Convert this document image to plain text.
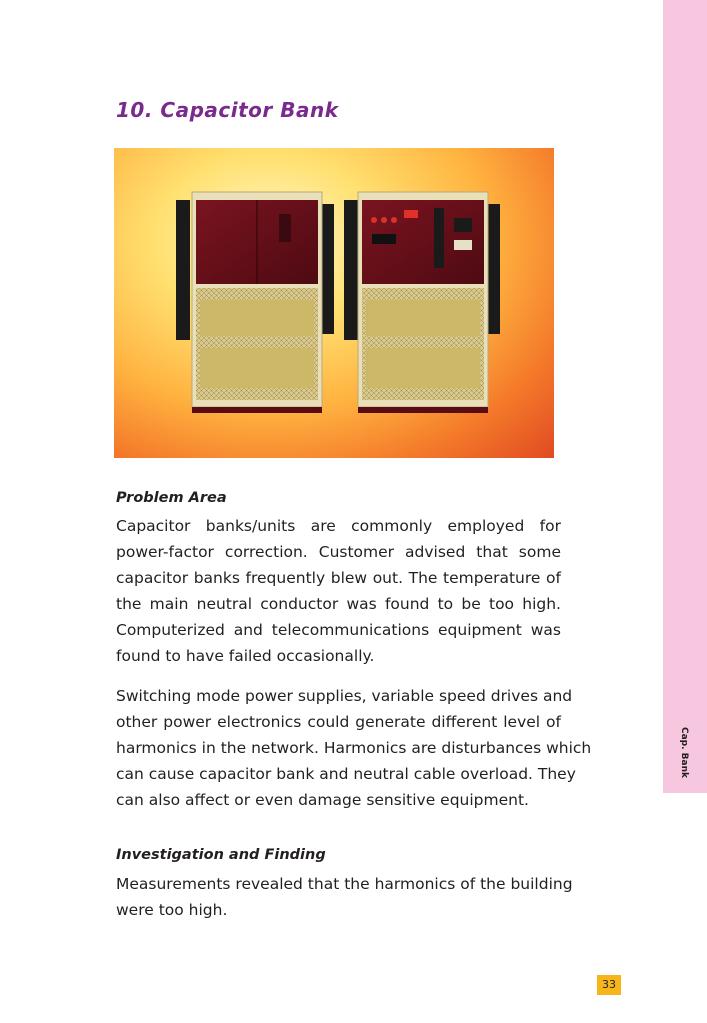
Cap. Bank
10. Capacitor Bank
Problem Area

Capacitor banks/units are commonly employed for
power-factor correction. Customer advised that some
capacitor banks frequently blew out. The temperature of
the main neutral conductor was found to be too high.
Computerized and telecommunications equipment was
found to have failed occasionally.

Switching mode power supplies, variable speed drives and
other power electronics could generate different level of
harmonics in the network. Harmonics are disturbances which
can cause capacitor bank and neutral cable overload. They
can also affect or even damage sensitive equipment.

Investigation and Finding

Measurements revealed that the harmonics of the building
were too high.

33
